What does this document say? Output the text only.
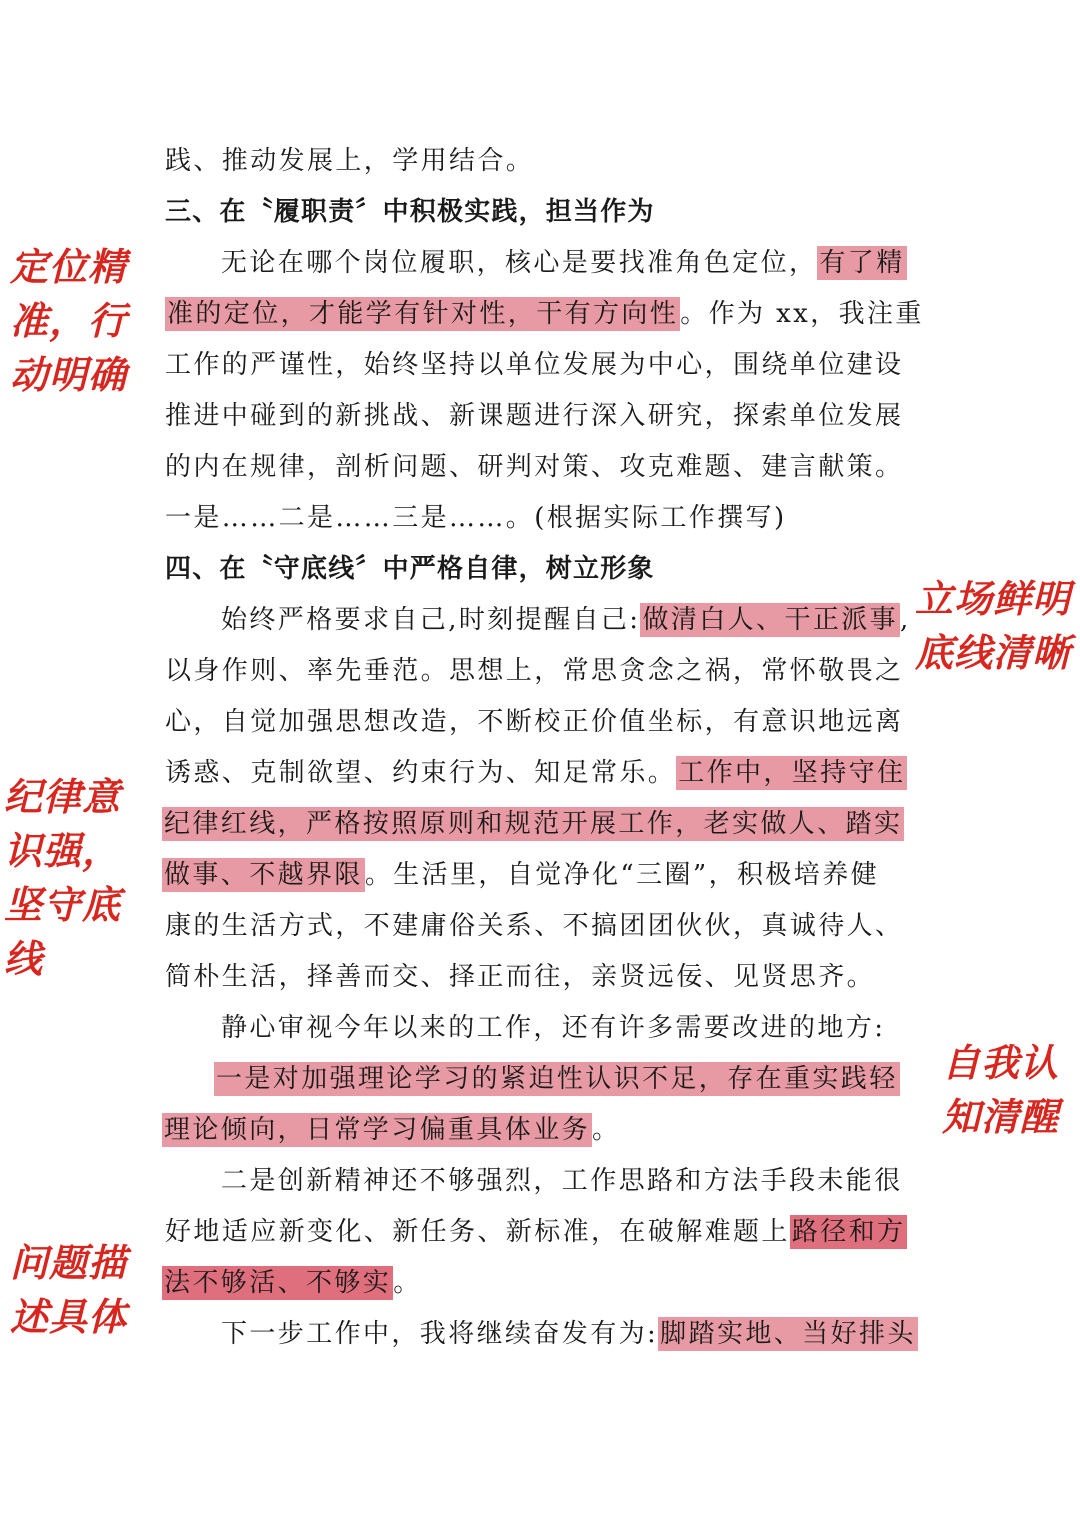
践、推动发展上，学用结合。
三、在〝履职责〞中积极实践，担当作为
无论在哪个岗位履职，核心是要找准角色定位，有了精
准的定位，才能学有针对性，干有方向性。作为 xx，我注重
工作的严谨性，始终坚持以单位发展为中心，围绕单位建设
推进中碰到的新挑战、新课题进行深入研究，探索单位发展
的内在规律，剖析问题、研判对策、攻克难题、建言献策。
一是……二是……三是……。(根据实际工作撰写)
四、在〝守底线〞中严格自律，树立形象
始终严格要求自己,时刻提醒自己:做清白人、干正派事,
以身作则、率先垂范。思想上，常思贪念之祸，常怀敬畏之
心，自觉加强思想改造，不断校正价值坐标，有意识地远离
诱惑、克制欲望、约束行为、知足常乐。工作中，坚持守住
纪律红线，严格按照原则和规范开展工作，老实做人、踏实
做事、不越界限。生活里，自觉净化“三圈”，积极培养健
康的生活方式，不建庸俗关系、不搞团团伙伙，真诚待人、
简朴生活，择善而交、择正而往，亲贤远佞、见贤思齐。
静心审视今年以来的工作，还有许多需要改进的地方:
一是对加强理论学习的紧迫性认识不足，存在重实践轻
理论倾向，日常学习偏重具体业务。
二是创新精神还不够强烈，工作思路和方法手段未能很
好地适应新变化、新任务、新标准，在破解难题上路径和方
法不够活、不够实。
下一步工作中，我将继续奋发有为:脚踏实地、当好排头
定位精准，行动明确
立场鲜明底线清晰
纪律意识强，坚守底线
自我认知清醒
问题描述具体
